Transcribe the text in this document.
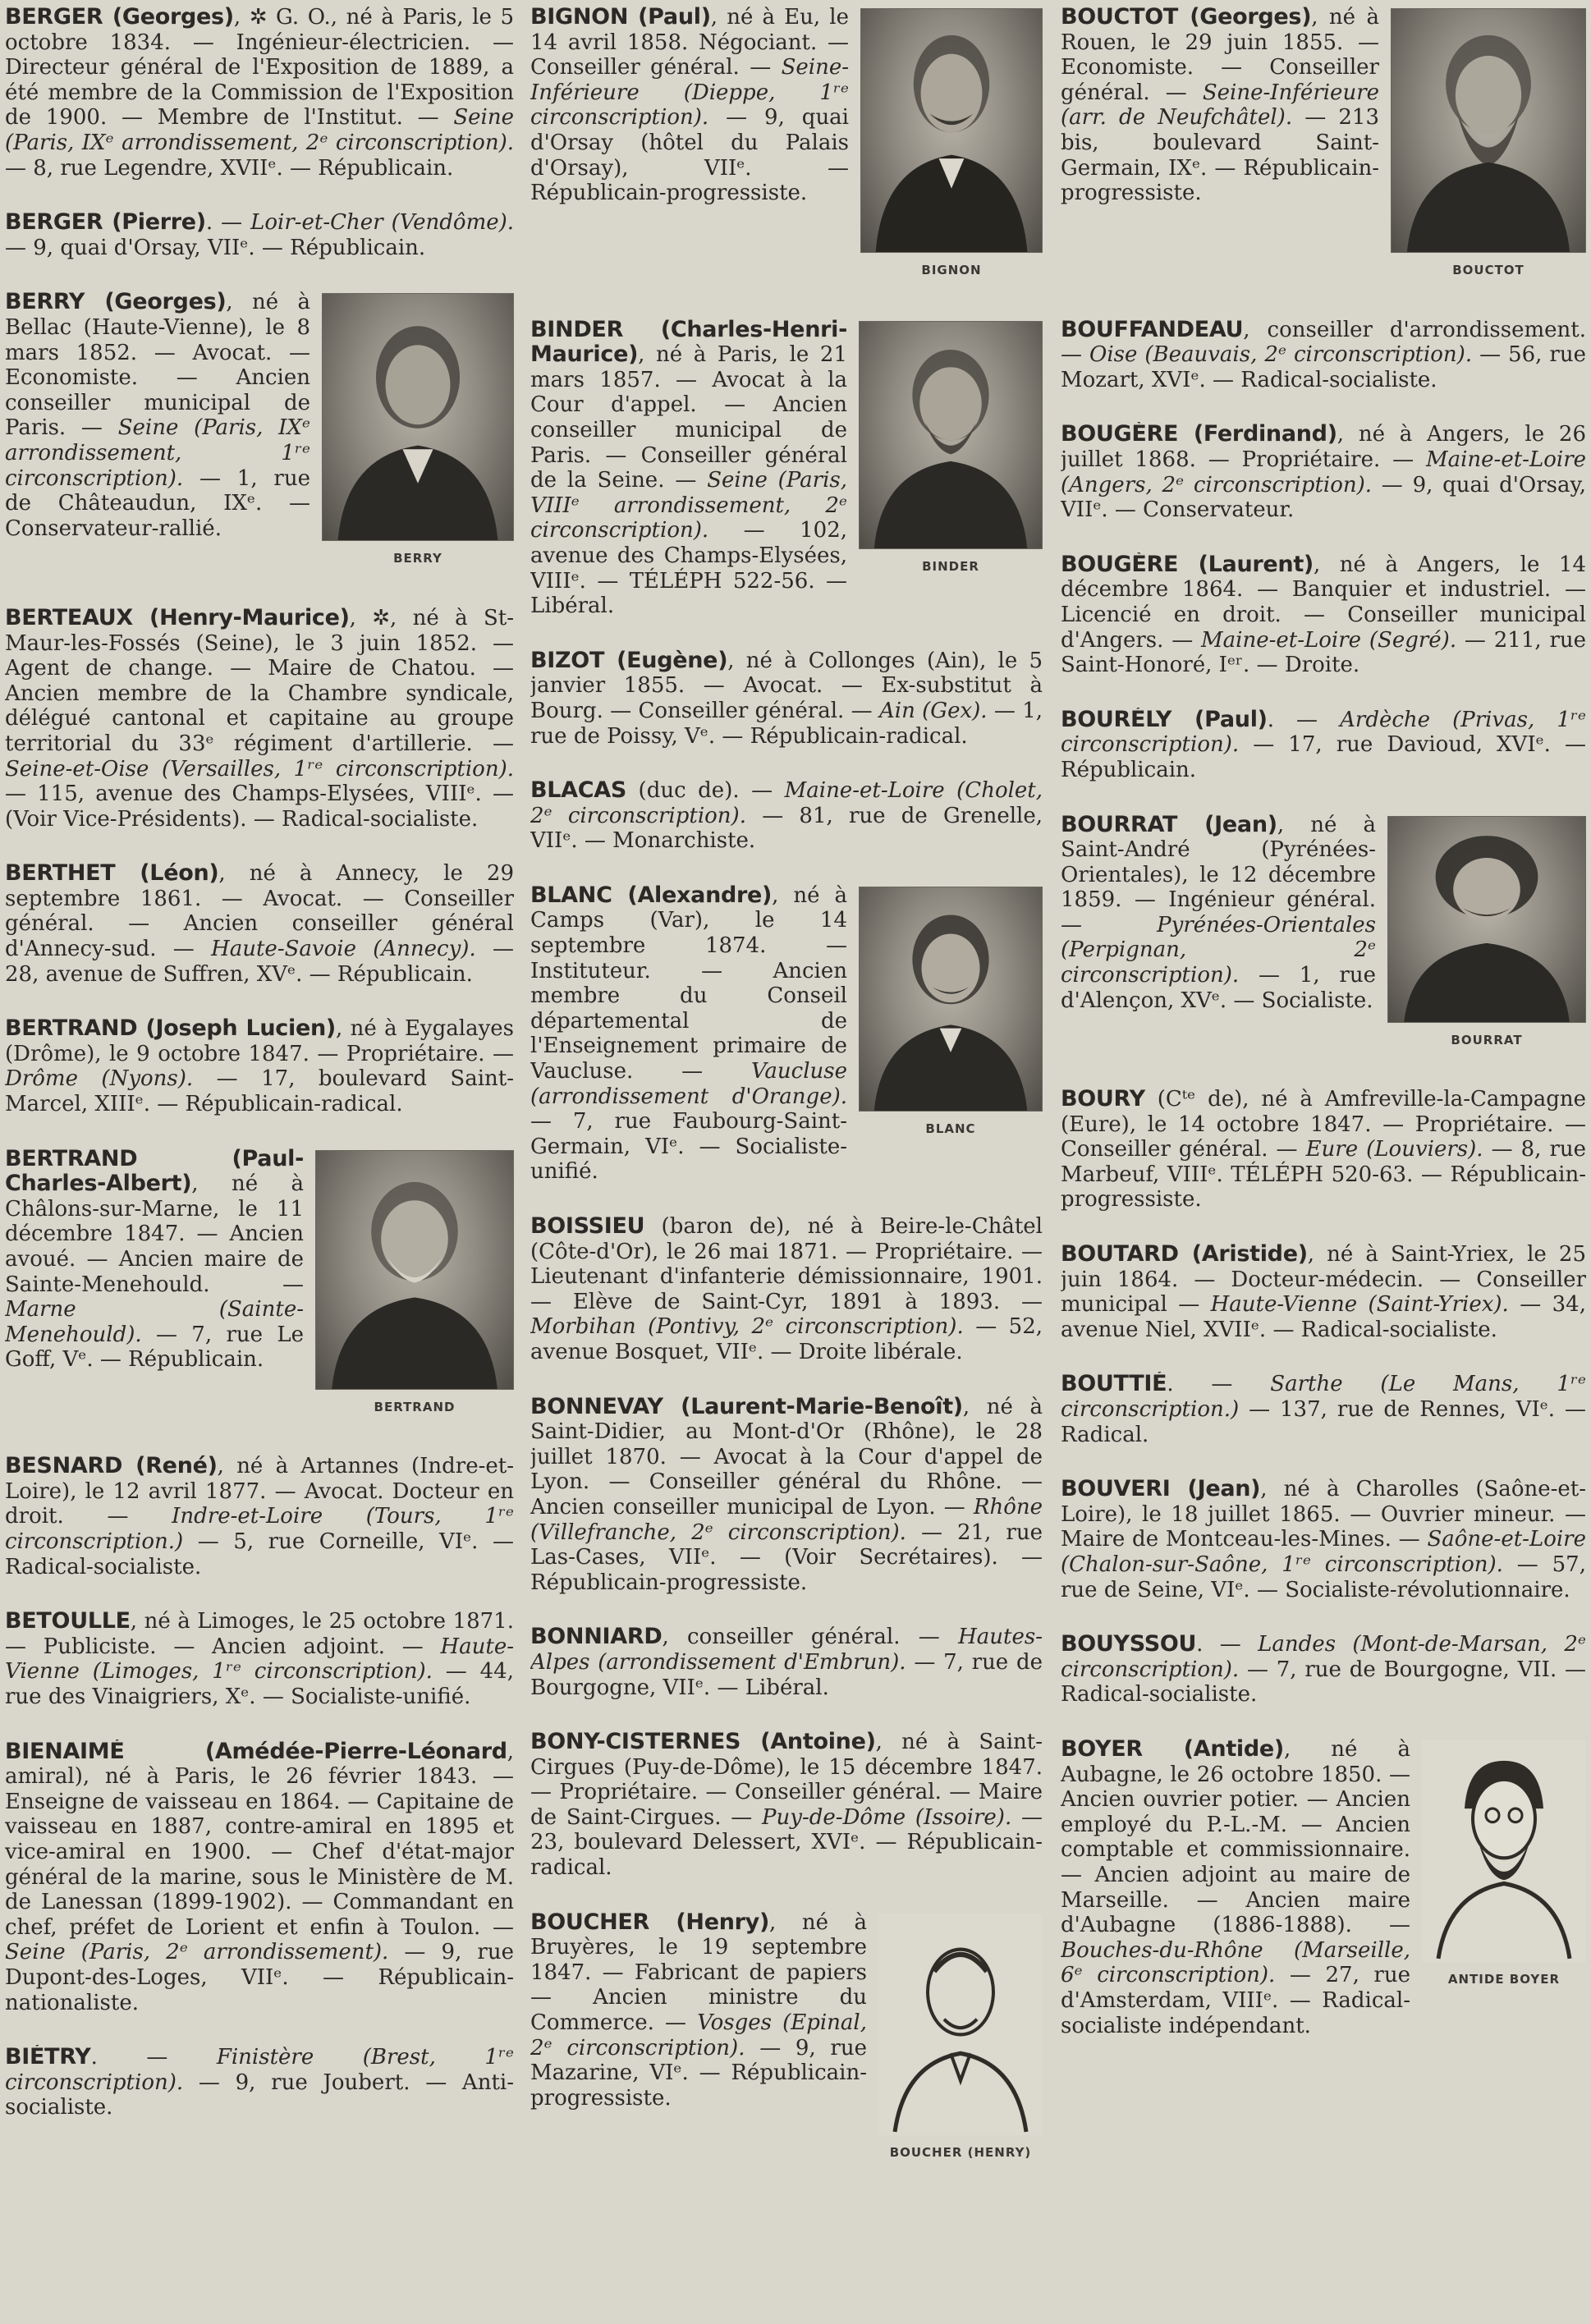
BERGER (Georges), ✲ G. O., né à Paris, le 5 octobre 1834. — Ingénieur-électricien. — Directeur général de l'Exposition de 1889, a été membre de la Commission de l'Exposition de 1900. — Membre de l'Institut. — Seine (Paris, IXᵉ arrondissement, 2ᵉ circonscription). — 8, rue Legendre, XVIIᵉ. — Républicain.
BERGER (Pierre). — Loir-et-Cher (Vendôme). — 9, quai d'Orsay, VIIᵉ. — Républicain.
BERRY
BERRY (Georges), né à Bellac (Haute-Vienne), le 8 mars 1852. — Avocat. — Economiste. — Ancien conseiller municipal de Paris. — Seine (Paris, IXᵉ arrondissement, 1ʳᵉ circonscription). — 1, rue de Châteaudun, IXᵉ. — Conservateur-rallié.
BERTEAUX (Henry-Maurice), ✲, né à St-Maur-les-Fossés (Seine), le 3 juin 1852. — Agent de change. — Maire de Chatou. — Ancien membre de la Chambre syndicale, délégué cantonal et capitaine au groupe territorial du 33ᵉ régiment d'artillerie. — Seine-et-Oise (Versailles, 1ʳᵉ circonscription). — 115, avenue des Champs-Elysées, VIIIᵉ. — (Voir Vice-Présidents). — Radical-socialiste.
BERTHET (Léon), né à Annecy, le 29 septembre 1861. — Avocat. — Conseiller général. — Ancien conseiller général d'Annecy-sud. — Haute-Savoie (Annecy). — 28, avenue de Suffren, XVᵉ. — Républicain.
BERTRAND (Joseph Lucien), né à Eygalayes (Drôme), le 9 octobre 1847. — Propriétaire. — Drôme (Nyons). — 17, boulevard Saint-Marcel, XIIIᵉ. — Républicain-radical.
BERTRAND
BERTRAND (Paul-Charles-Albert), né à Châlons-sur-Marne, le 11 décembre 1847. — Ancien avoué. — Ancien maire de Sainte-Menehould. — Marne (Sainte-Menehould). — 7, rue Le Goff, Vᵉ. — Républicain.
BESNARD (René), né à Artannes (Indre-et-Loire), le 12 avril 1877. — Avocat. Docteur en droit. — Indre-et-Loire (Tours, 1ʳᵉ circonscription.) — 5, rue Corneille, VIᵉ. — Radical-socialiste.
BETOULLE, né à Limoges, le 25 octobre 1871. — Publiciste. — Ancien adjoint. — Haute-Vienne (Limoges, 1ʳᵉ circonscription). — 44, rue des Vinaigriers, Xᵉ. — Socialiste-unifié.
BIENAIMÉ (Amédée-Pierre-Léonard, amiral), né à Paris, le 26 février 1843. — Enseigne de vaisseau en 1864. — Capitaine de vaisseau en 1887, contre-amiral en 1895 et vice-amiral en 1900. — Chef d'état-major général de la marine, sous le Ministère de M. de Lanessan (1899-1902). — Commandant en chef, préfet de Lorient et enfin à Toulon. — Seine (Paris, 2ᵉ arrondissement). — 9, rue Dupont-des-Loges, VIIᵉ. — Républicain-nationaliste.
BIÉTRY. — Finistère (Brest, 1ʳᵉ circonscription). — 9, rue Joubert. — Anti-socialiste.
BIGNON
BIGNON (Paul), né à Eu, le 14 avril 1858. Négociant. — Conseiller général. — Seine-Inférieure (Dieppe, 1ʳᵉ circonscription). — 9, quai d'Orsay (hôtel du Palais d'Orsay), VIIᵉ. — Républicain-progressiste.
BINDER
BINDER (Charles-Henri-Maurice), né à Paris, le 21 mars 1857. — Avocat à la Cour d'appel. — Ancien conseiller municipal de Paris. — Conseiller général de la Seine. — Seine (Paris, VIIIᵉ arrondissement, 2ᵉ circonscription). — 102, avenue des Champs-Elysées, VIIIᵉ. — TÉLÉPH 522-56. — Libéral.
BIZOT (Eugène), né à Collonges (Ain), le 5 janvier 1855. — Avocat. — Ex-substitut à Bourg. — Conseiller général. — Ain (Gex). — 1, rue de Poissy, Vᵉ. — Républicain-radical.
BLACAS (duc de). — Maine-et-Loire (Cholet, 2ᵉ circonscription). — 81, rue de Grenelle, VIIᵉ. — Monarchiste.
BLANC
BLANC (Alexandre), né à Camps (Var), le 14 septembre 1874. — Instituteur. — Ancien membre du Conseil départemental de l'Enseignement primaire de Vaucluse. — Vaucluse (arrondissement d'Orange). — 7, rue Faubourg-Saint-Germain, VIᵉ. — Socialiste-unifié.
BOISSIEU (baron de), né à Beire-le-Châtel (Côte-d'Or), le 26 mai 1871. — Propriétaire. — Lieutenant d'infanterie démissionnaire, 1901. — Elève de Saint-Cyr, 1891 à 1893. — Morbihan (Pontivy, 2ᵉ circonscription). — 52, avenue Bosquet, VIIᵉ. — Droite libérale.
BONNEVAY (Laurent-Marie-Benoît), né à Saint-Didier, au Mont-d'Or (Rhône), le 28 juillet 1870. — Avocat à la Cour d'appel de Lyon. — Conseiller général du Rhône. — Ancien conseiller municipal de Lyon. — Rhône (Villefranche, 2ᵉ circonscription). — 21, rue Las-Cases, VIIᵉ. — (Voir Secrétaires). — Républicain-progressiste.
BONNIARD, conseiller général. — Hautes-Alpes (arrondissement d'Embrun). — 7, rue de Bourgogne, VIIᵉ. — Libéral.
BONY-CISTERNES (Antoine), né à Saint-Cirgues (Puy-de-Dôme), le 15 décembre 1847. — Propriétaire. — Conseiller général. — Maire de Saint-Cirgues. — Puy-de-Dôme (Issoire). — 23, boulevard Delessert, XVIᵉ. — Républicain-radical.
BOUCHER (HENRY)
BOUCHER (Henry), né à Bruyères, le 19 septembre 1847. — Fabricant de papiers — Ancien ministre du Commerce. — Vosges (Epinal, 2ᵉ circonscription). — 9, rue Mazarine, VIᵉ. — Républicain-progressiste.
BOUCTOT
BOUCTOT (Georges), né à Rouen, le 29 juin 1855. — Economiste. — Conseiller général. — Seine-Inférieure (arr. de Neufchâtel). — 213 bis, boulevard Saint-Germain, IXᵉ. — Républicain-progressiste.
BOUFFANDEAU, conseiller d'arrondissement. — Oise (Beauvais, 2ᵉ circonscription). — 56, rue Mozart, XVIᵉ. — Radical-socialiste.
BOUGÈRE (Ferdinand), né à Angers, le 26 juillet 1868. — Propriétaire. — Maine-et-Loire (Angers, 2ᵉ circonscription). — 9, quai d'Orsay, VIIᵉ. — Conservateur.
BOUGÈRE (Laurent), né à Angers, le 14 décembre 1864. — Banquier et industriel. — Licencié en droit. — Conseiller municipal d'Angers. — Maine-et-Loire (Segré). — 211, rue Saint-Honoré, Iᵉʳ. — Droite.
BOURÉLY (Paul). — Ardèche (Privas, 1ʳᵉ circonscription). — 17, rue Davioud, XVIᵉ. — Républicain.
BOURRAT
BOURRAT (Jean), né à Saint-André (Pyrénées-Orientales), le 12 décembre 1859. — Ingénieur général. —	Pyrénées-Orientales (Perpignan, 2ᵉ circonscription). — 1, rue d'Alençon, XVᵉ. — Socialiste.
BOURY (Cᵗᵉ de), né à Amfreville-la-Campagne (Eure), le 14 octobre 1847. — Propriétaire. — Conseiller général. — Eure (Louviers). — 8, rue Marbeuf, VIIIᵉ. TÉLÉPH 520-63. — Républicain-progressiste.
BOUTARD (Aristide), né à Saint-Yriex, le 25 juin 1864. — Docteur-médecin. — Conseiller municipal — Haute-Vienne (Saint-Yriex). — 34, avenue Niel, XVIIᵉ. — Radical-socialiste.
BOUTTIÉ. — Sarthe (Le Mans, 1ʳᵉ circonscription.) — 137, rue de Rennes, VIᵉ. — Radical.
BOUVERI (Jean), né à Charolles (Saône-et-Loire), le 18 juillet 1865. — Ouvrier mineur. — Maire de Montceau-les-Mines. — Saône-et-Loire (Chalon-sur-Saône, 1ʳᵉ circonscription). — 57, rue de Seine, VIᵉ. — Socialiste-révolutionnaire.
BOUYSSOU. — Landes (Mont-de-Marsan, 2ᵉ circonscription). — 7, rue de Bourgogne, VII. — Radical-socialiste.
ANTIDE BOYER
BOYER (Antide), né à Aubagne, le 26 octobre 1850. — Ancien ouvrier potier. — Ancien employé du P.-L.-M. — Ancien comptable et commissionnaire. — Ancien adjoint au maire de Marseille. — Ancien maire d'Aubagne (1886-1888). — Bouches-du-Rhône (Marseille, 6ᵉ circonscription). — 27, rue d'Amsterdam, VIIIᵉ. — Radical-socialiste indépendant.
